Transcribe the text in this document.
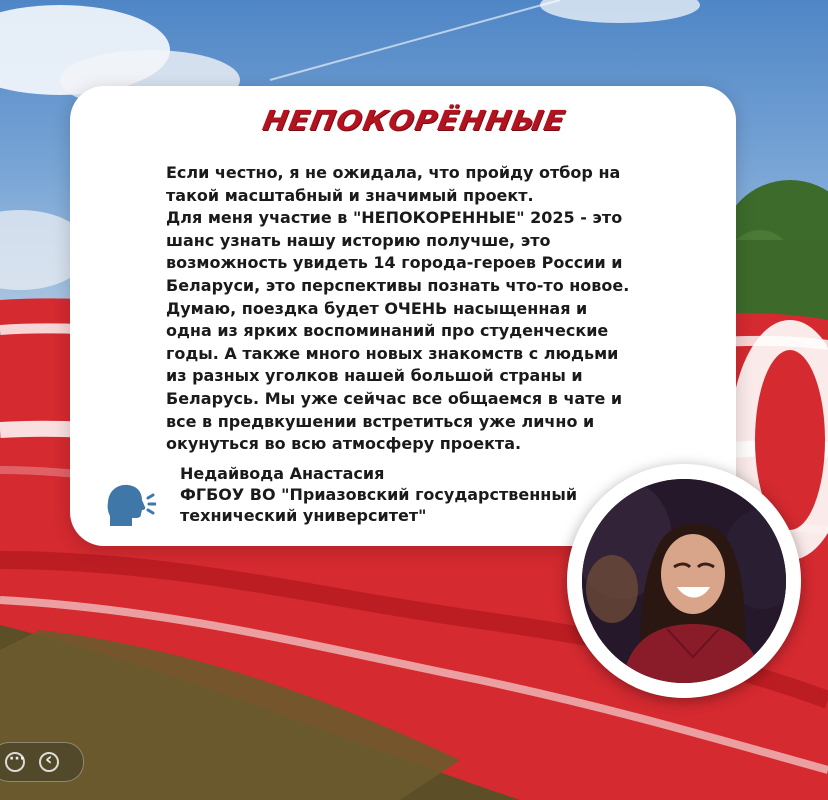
НЕПОКОРЁННЫЕ

Если честно, я не ожидала, что пройду отбор на такой масштабный и значимый проект.

Для меня участие в "НЕПОКОРЕННЫЕ" 2025 - это шанс узнать нашу историю получше, это возможность увидеть 14 города-героев России и Беларуси, это перспективы познать что-то новое. Думаю, поездка будет ОЧЕНЬ насыщенная и одна из ярких воспоминаний про студенческие годы. А также много новых знакомств с людьми из разных уголков нашей большой страны и Беларусь. Мы уже сейчас все общаемся в чате и все в предвкушении встретиться уже лично и окунуться во всю атмосферу проекта.

Недайвода Анастасия
ФГБОУ ВО "Приазовский государственный
технический университет"
···
‹
